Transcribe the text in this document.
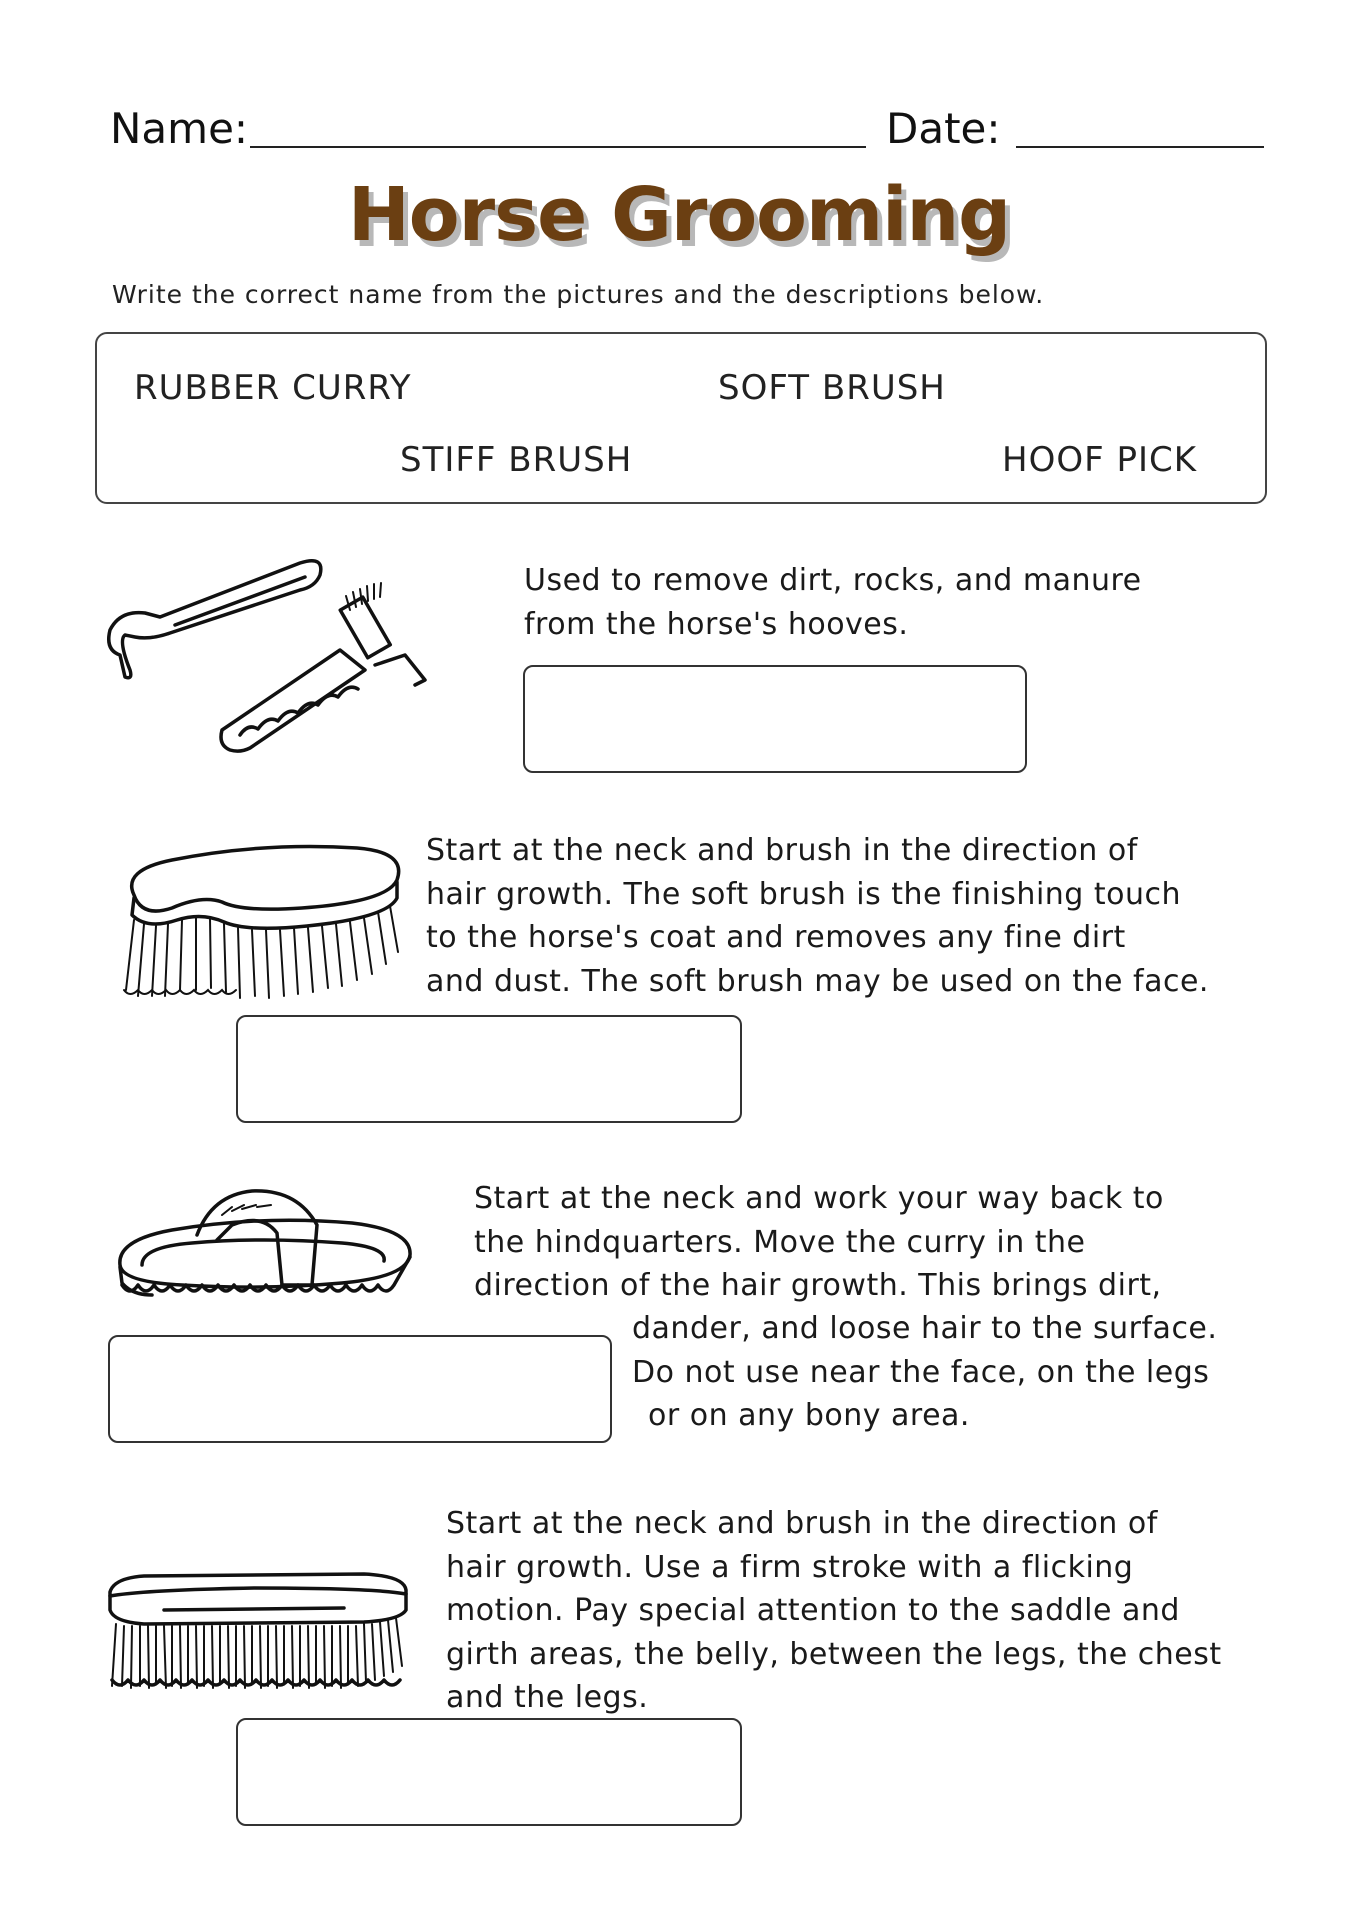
Name:	Date:
Horse Grooming
Write the correct name from the pictures and the descriptions below.
RUBBER CURRY	SOFT BRUSH
STIFF BRUSH	HOOF PICK
Used to remove dirt, rocks, and manure
from the horse's hooves.
Start at the neck and brush in the direction of
hair growth. The soft brush is the finishing touch
to the horse's coat and removes any fine dirt
and dust. The soft brush may be used on the face.
Start at the neck and work your way back to
the hindquarters. Move the curry in the
direction of the hair growth. This brings dirt,
dander, and loose hair to the surface.
Do not use near the face, on the legs
or on any bony area.
Start at the neck and brush in the direction of
hair growth. Use a firm stroke with a flicking
motion. Pay special attention to the saddle and
girth areas, the belly, between the legs, the chest
and the legs.
